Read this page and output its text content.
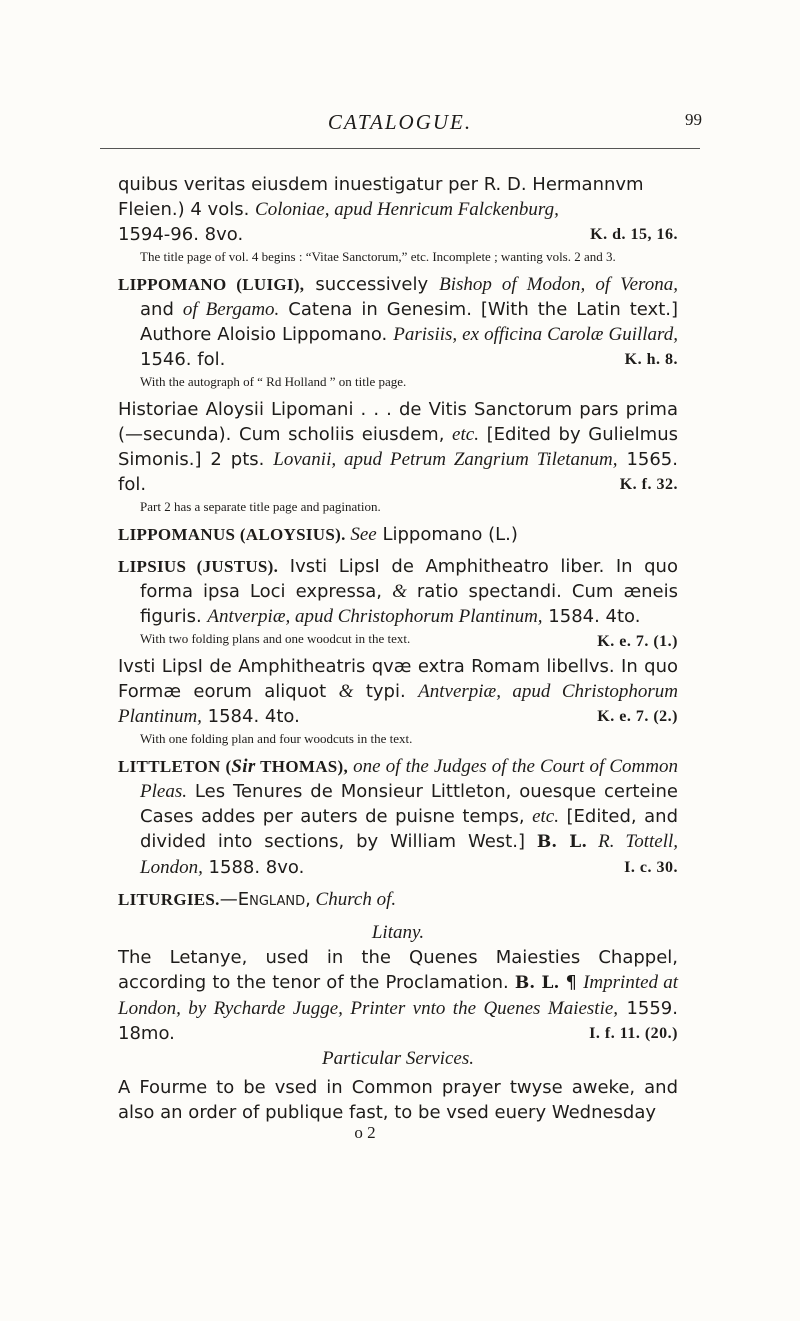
CATALOGUE.	99
quibus veritas eiusdem inuestigatur per R. D. Hermannvm
Fleien.) 4 vols. Coloniae, apud Henricum Falckenburg,
1594-96. 8vo.	K. d. 15, 16.
The title page of vol. 4 begins : “Vitae Sanctorum,” etc. Incomplete ; wanting vols. 2 and 3.
LIPPOMANO (LUIGI), successively Bishop of Modon, of Verona, and of Bergamo. Catena in Genesim. [With the Latin text.] Authore Aloisio Lippomano. Parisiis, ex officina Carolæ Guillard, 1546. fol.	K. h. 8.
With the autograph of “ Rd Holland ” on title page.
Historiae Aloysii Lipomani . . . de Vitis Sanctorum pars prima (—secunda). Cum scholiis eiusdem, etc. [Edited by Gulielmus Simonis.] 2 pts. Lovanii, apud Petrum Zangrium Tiletanum, 1565. fol.	K. f. 32.
Part 2 has a separate title page and pagination.
LIPPOMANUS (ALOYSIUS). See Lippomano (L.)
LIPSIUS (JUSTUS). Ivsti LipsI de Amphitheatro liber. In quo forma ipsa Loci expressa, & ratio spectandi. Cum æneis figuris. Antverpiæ, apud Christophorum Plantinum, 1584. 4to.
K. e. 7. (1.)
With two folding plans and one woodcut in the text.
Ivsti LipsI de Amphitheatris qvæ extra Romam libellvs. In quo Formæ eorum aliquot & typi. Antverpiæ, apud Christophorum Plantinum, 1584. 4to.	K. e. 7. (2.)
With one folding plan and four woodcuts in the text.
LITTLETON (Sir THOMAS), one of the Judges of the Court of Common Pleas. Les Tenures de Monsieur Littleton, ouesque certeine Cases addes per auters de puisne temps, etc. [Edited, and divided into sections, by William West.] B. L. R. Tottell, London, 1588. 8vo.	I. c. 30.
LITURGIES.—England, Church of.
Litany.
The Letanye, used in the Quenes Maiesties Chappel, according to the tenor of the Proclamation. B. L. ¶ Imprinted at London, by Rycharde Jugge, Printer vnto the Quenes Maiestie, 1559. 18mo.	I. f. 11. (20.)
Particular Services.
A Fourme to be vsed in Common prayer twyse aweke, and also an order of publique fast, to be vsed euery Wednesday
o 2
